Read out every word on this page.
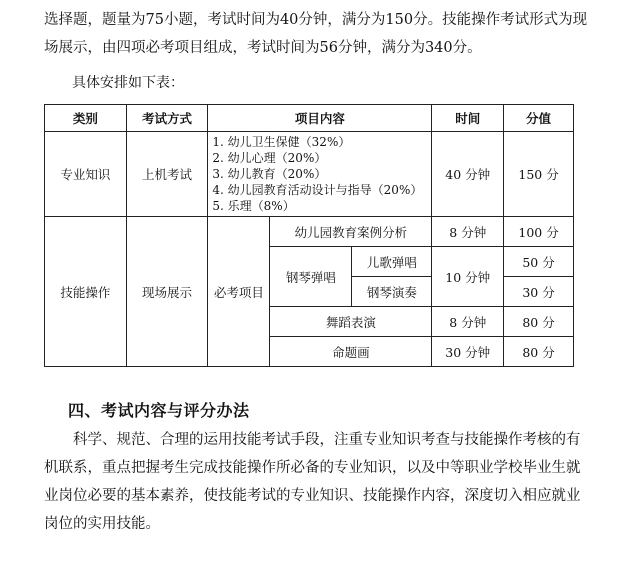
选择题，题量为75小题，考试时间为40分钟，满分为150分。技能操作考试形式为现场展示，由四项必考项目组成，考试时间为56分钟，满分为340分。
具体安排如下表：
类别	考试方式	项目内容			时间	分值
专业知识	上机考试	1. 幼儿卫生保健（32%）
2. 幼儿心理（20%）
3. 幼儿教育（20%）
4. 幼儿园教育活动设计与指导（20%）
5. 乐理（8%）			40 分钟	150 分
技能操作	现场展示	必考项目	幼儿园教育案例分析		8 分钟	100 分
			钢琴弹唱	儿歌弹唱	10 分钟	50 分
				钢琴演奏		30 分
			舞蹈表演		8 分钟	80 分
			命题画		30 分钟	80 分
四、考试内容与评分办法
科学、规范、合理的运用技能考试手段，注重专业知识考查与技能操作考核的有机联系，重点把握考生完成技能操作所必备的专业知识，以及中等职业学校毕业生就业岗位必要的基本素养，使技能考试的专业知识、技能操作内容，深度切入相应就业岗位的实用技能。
